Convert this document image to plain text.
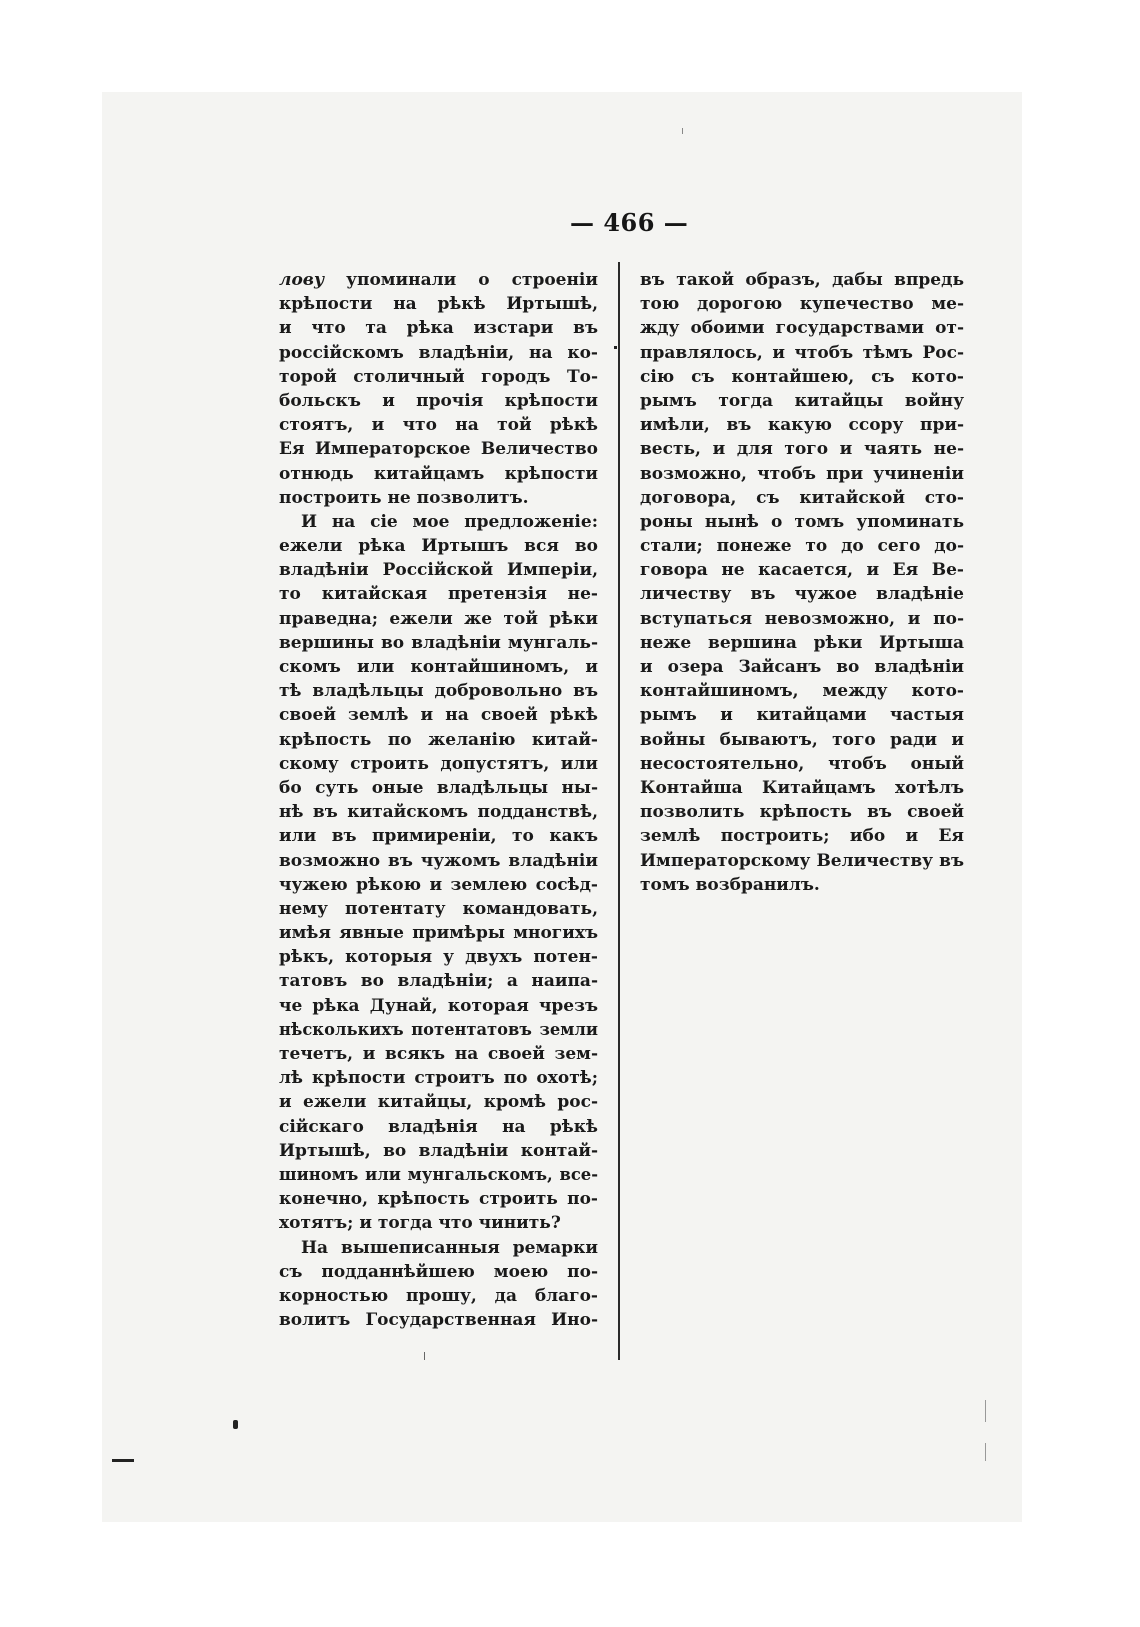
— 466 —
лову упоминали о строеніи
крѣпости на рѣкѣ Иртышѣ,
и что та рѣка изстари въ
россійскомъ владѣніи, на ко-
торой столичный городъ То-
больскъ и прочія крѣпости
стоятъ, и что на той рѣкѣ
Ея Императорское Величество
отнюдь китайцамъ крѣпости
построить не позволитъ.
И на сіе мое предложеніе:
ежели рѣка Иртышъ вся во
владѣніи Россійской Имперіи,
то китайская претензія не-
праведна; ежели же той рѣки
вершины во владѣніи мунгаль-
скомъ или контайшиномъ, и
тѣ владѣльцы добровольно въ
своей землѣ и на своей рѣкѣ
крѣпость по желанію китай-
скому строить допустятъ, или
бо суть оные владѣльцы ны-
нѣ въ китайскомъ подданствѣ,
или въ примиреніи, то какъ
возможно въ чужомъ владѣніи
чужею рѣкою и землею сосѣд-
нему потентату командовать,
имѣя явные примѣры многихъ
рѣкъ, которыя у двухъ потен-
татовъ во владѣніи; а наипа-
че рѣка Дунай, которая чрезъ
нѣсколькихъ потентатовъ земли
течетъ, и всякъ на своей зем-
лѣ крѣпости строитъ по охотѣ;
и ежели китайцы, кромѣ рос-
сійскаго владѣнія на рѣкѣ
Иртышѣ, во владѣніи контай-
шиномъ или мунгальскомъ, все-
конечно, крѣпость строить по-
хотятъ; и тогда что чинить?
На вышеписанныя ремарки
съ подданнѣйшею моею по-
корностью прошу, да благо-
волитъ Государственная Ино-
въ такой образъ, дабы впредь
тою дорогою купечество ме-
жду обоими государствами от-
правлялось, и чтобъ тѣмъ Рос-
сію съ контайшею, съ кото-
рымъ тогда китайцы войну
имѣли, въ какую ссору при-
весть, и для того и чаять не-
возможно, чтобъ при учиненіи
договора, съ китайской сто-
роны нынѣ о томъ упоминать
стали; понеже то до сего до-
говора не касается, и Ея Ве-
личеству въ чужое владѣніе
вступаться невозможно, и по-
неже вершина рѣки Иртыша
и озера Зайсанъ во владѣніи
контайшиномъ, между кото-
рымъ и китайцами частыя
войны бываютъ, того ради и
несостоятельно, чтобъ оный
Контайша Китайцамъ хотѣлъ
позволить крѣпость въ своей
землѣ построить; ибо и Ея
Императорскому Величеству въ
томъ возбранилъ.
